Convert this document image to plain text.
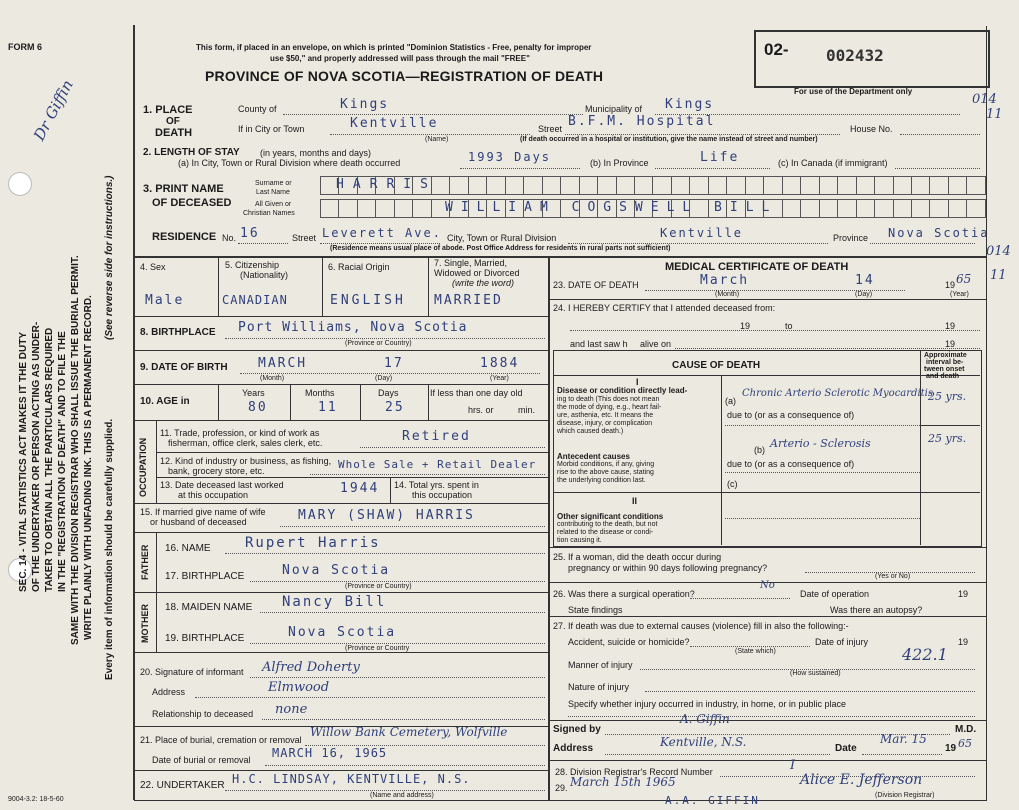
FORM 6
Dr Giffin
This form, if placed in an envelope, on which is printed "Dominion Statistics - Free, penalty for improper
use $50," and properly addressed will pass through the mail "FREE"
PROVINCE OF NOVA SCOTIA—REGISTRATION OF DEATH
02- 002432
For use of the Department only
014
11
SEC. 14 - VITAL STATISTICS ACT MAKES IT THE DUTY OF THE UNDERTAKER OR PERSON ACTING AS UNDER- TAKER TO OBTAIN ALL THE PARTICULARS REQUIRED IN THE "REGISTRATION OF DEATH" AND TO FILE THE SAME WITH THE DIVISION REGISTRAR WHO SHALL ISSUE THE BURIAL PERMIT. WRITE PLAINLY WITH UNFADING INK. THIS IS A PERMANENT RECORD.
(See reverse side for instructions.)
Every item of information should be carefully supplied.
1. PLACE
OF
DEATH
County of	Kings	Municipality of Kings
If in City or Town	Kentville
(Name)
Street B.F.M. Hospital	House No.
(If death occurred in a hospital or institution, give the name instead of street and number)
2. LENGTH OF STAY (in years, months and days)
(a) In City, Town or Rural Division where death occurred	1993 Days	(b) In Province	Life	(c) In Canada (if immigrant)
3. PRINT NAME
OF DECEASED
Surname or
Last Name
All Given or
Christian Names
HARRIS
WILLIAM COGSWELL BILL
RESIDENCE No. 16	Street Leverett Ave. City, Town or Rural Division	Kentville	Province Nova Scotia
(Residence means usual place of abode. Post Office Address for residents in rural parts not sufficient)	014
4. Sex	5. Citizenship
(Nationality)
6. Racial Origin	7. Single, Married,
Widowed or Divorced
(write the word)
Male	CANADIAN	ENGLISH MARRIED
8. BIRTHPLACE Port Williams, Nova Scotia
(Province or Country)
9. DATE OF BIRTH MARCH	17	1884
(Month)	(Day)	(Year)
10. AGE in
Years	Months	Days	If less than one day old
hrs. or	min.
80	11	25
OCCUPATION
11. Trade, profession, or kind of work as
fisherman, office clerk, sales clerk, etc.	Retired
12. Kind of industry or business, as fishing,
bank, grocery store, etc.	Whole Sale + Retail Dealer
13. Date deceased last worked
at this occupation	1944 14. Total yrs. spent in
this occupation
15. If married give name of wife
or husband of deceased	MARY (SHAW) HARRIS
FATHER 16. NAME Rupert Harris
17. BIRTHPLACE	Nova Scotia
(Province or Country)
MOTHER 18. MAIDEN NAME Nancy Bill
19. BIRTHPLACE	Nova Scotia
(Province or Country
20. Signature of informant Alfred Doherty
Address	Elmwood
Relationship to deceased none
21. Place of burial, cremation or removal
Willow Bank Cemetery, Wolfville
Date of burial or removal MARCH 16, 1965
22. UNDERTAKER H.C. LINDSAY, KENTVILLE, N.S.
(Name and address)
9004-3.2: 18-5-60
MEDICAL CERTIFICATE OF DEATH
23. DATE OF DEATH	March	14	19 65
(Month)	(Day)	(Year)
11
24. I HEREBY CERTIFY that I attended deceased from:
19	to	19
and last saw h alive on	19
CAUSE OF DEATH
Approximate
interval be-
tween onset
and death
I
Disease or condition directly lead-
ing to death (This does not mean
the mode of dying, e.g., heart fail-
ure, asthenia, etc. It means the
disease, injury, or complication
which caused death.)
(a)
Chronic Arterio Sclerotic Myocarditis
25 yrs.
due to (or as a consequence of)
(b) Arterio - Sclerosis	25 yrs.
Antecedent causes
Morbid conditions, if any, giving
rise to the above cause, stating
the underlying condition last.
due to (or as a consequence of)
(c)
II
Other significant conditions
contributing to the death, but not
related to the disease or condi-
tion causing it.
25. If a woman, did the death occur during
pregnancy or within 90 days following pregnancy?
(Yes or No)
26. Was there a surgical operation?
No
Date of operation	19
State findings	Was there an autopsy?
27. If death was due to external causes (violence) fill in also the following:-
Accident, suicide or homicide?	Date of injury	19
(State which)	422.1
Manner of injury
(How sustained)
Nature of injury
Specify whether injury occurred in industry, in home, or in public place
Signed by
A. Giffin
M.D.
Address	Kentville, N.S.	Date
Mar. 15
19 65
28. Division Registrar's Record Number	I
29. March 15th 1965	Alice E. Jefferson
(Division Registrar)
A.A. GIFFIN
